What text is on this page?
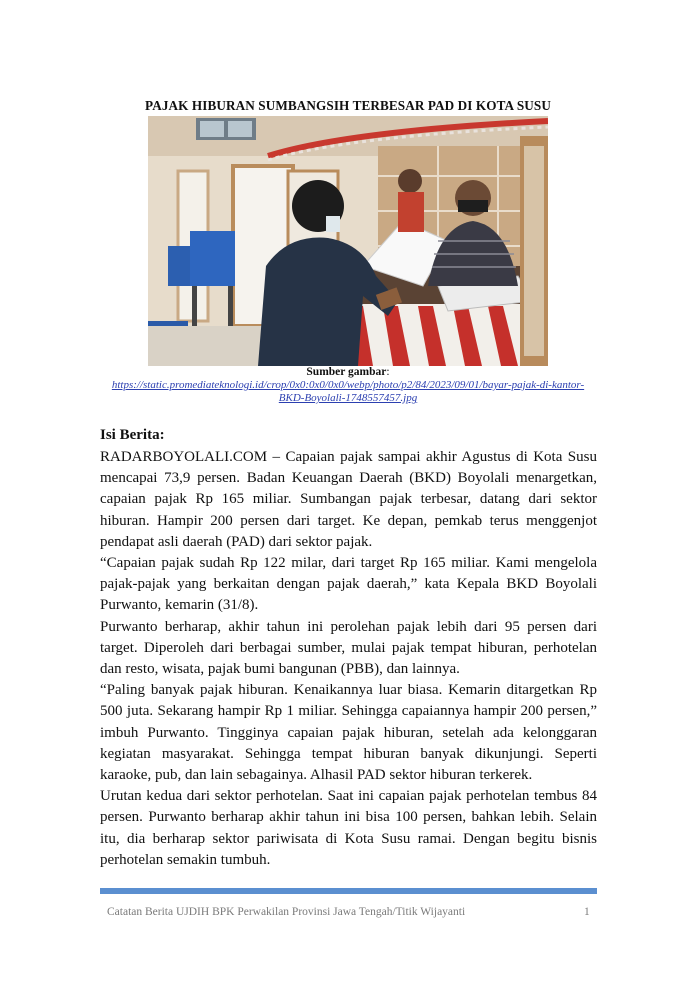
PAJAK HIBURAN SUMBANGSIH TERBESAR PAD DI KOTA SUSU
Sumber gambar:
https://static.promediateknologi.id/crop/0x0:0x0/0x0/webp/photo/p2/84/2023/09/01/bayar-pajak-di-kantor-BKD-Boyolali-1748557457.jpg
Isi Berita:

RADARBOYOLALI.COM – Capaian pajak sampai akhir Agustus di Kota Susu mencapai 73,9 persen. Badan Keuangan Daerah (BKD) Boyolali menargetkan, capaian pajak Rp 165 miliar. Sumbangan pajak terbesar, datang dari sektor hiburan. Hampir 200 persen dari target. Ke depan, pemkab terus menggenjot pendapat asli daerah (PAD) dari sektor pajak.

“Capaian pajak sudah Rp 122 milar, dari target Rp 165 miliar. Kami mengelola pajak-pajak yang berkaitan dengan pajak daerah,” kata Kepala BKD Boyolali Purwanto, kemarin (31/8).

Purwanto berharap, akhir tahun ini perolehan pajak lebih dari 95 persen dari target. Diperoleh dari berbagai sumber, mulai pajak tempat hiburan, perhotelan dan resto, wisata, pajak bumi bangunan (PBB), dan lainnya.

“Paling banyak pajak hiburan. Kenaikannya luar biasa. Kemarin ditargetkan Rp 500 juta. Sekarang hampir Rp 1 miliar. Sehingga capaiannya hampir 200 persen,” imbuh Purwanto. Tingginya capaian pajak hiburan, setelah ada kelonggaran kegiatan masyarakat. Sehingga tempat hiburan banyak dikunjungi. Seperti karaoke, pub, dan lain sebagainya. Alhasil PAD sektor hiburan terkerek.

Urutan kedua dari sektor perhotelan. Saat ini capaian pajak perhotelan tembus 84 persen. Purwanto berharap akhir tahun ini bisa 100 persen, bahkan lebih. Selain itu, dia berharap sektor pariwisata di Kota Susu ramai. Dengan begitu bisnis perhotelan semakin tumbuh.

Catatan Berita UJDIH BPK Perwakilan Provinsi Jawa Tengah/Titik Wijayanti	1
